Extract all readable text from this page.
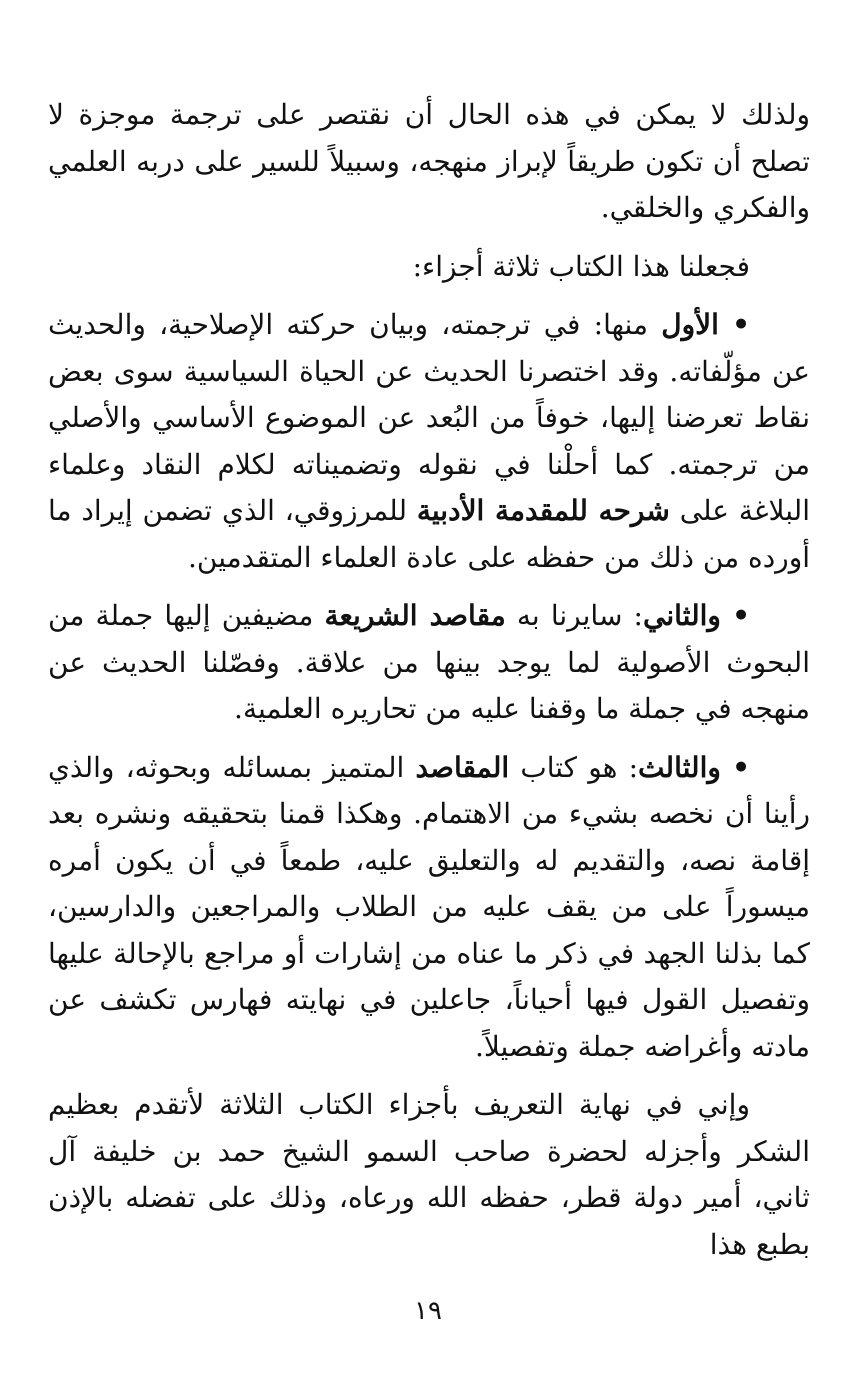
ولذلك لا يمكن في هذه الحال أن نقتصر على ترجمة موجزة لا تصلح أن تكون طريقاً لإبراز منهجه، وسبيلاً للسير على دربه العلمي والفكري والخلقي.

فجعلنا هذا الكتاب ثلاثة أجزاء:

• الأول منها: في ترجمته، وبيان حركته الإصلاحية، والحديث عن مؤلّفاته. وقد اختصرنا الحديث عن الحياة السياسية سوى بعض نقاط تعرضنا إليها، خوفاً من البُعد عن الموضوع الأساسي والأصلي من ترجمته. كما أحلْنا في نقوله وتضميناته لكلام النقاد وعلماء البلاغة على شرحه للمقدمة الأدبية للمرزوقي، الذي تضمن إيراد ما أورده من ذلك من حفظه على عادة العلماء المتقدمين.

• والثاني: سايرنا به مقاصد الشريعة مضيفين إليها جملة من البحوث الأصولية لما يوجد بينها من علاقة. وفصّلنا الحديث عن منهجه في جملة ما وقفنا عليه من تحاريره العلمية.

• والثالث: هو كتاب المقاصد المتميز بمسائله وبحوثه، والذي رأينا أن نخصه بشيء من الاهتمام. وهكذا قمنا بتحقيقه ونشره بعد إقامة نصه، والتقديم له والتعليق عليه، طمعاً في أن يكون أمره ميسوراً على من يقف عليه من الطلاب والمراجعين والدارسين، كما بذلنا الجهد في ذكر ما عناه من إشارات أو مراجع بالإحالة عليها وتفصيل القول فيها أحياناً، جاعلين في نهايته فهارس تكشف عن مادته وأغراضه جملة وتفصيلاً.

وإني في نهاية التعريف بأجزاء الكتاب الثلاثة لأتقدم بعظيم الشكر وأجزله لحضرة صاحب السمو الشيخ حمد بن خليفة آل ثاني، أمير دولة قطر، حفظه الله ورعاه، وذلك على تفضله بالإذن بطبع هذا

١٩
